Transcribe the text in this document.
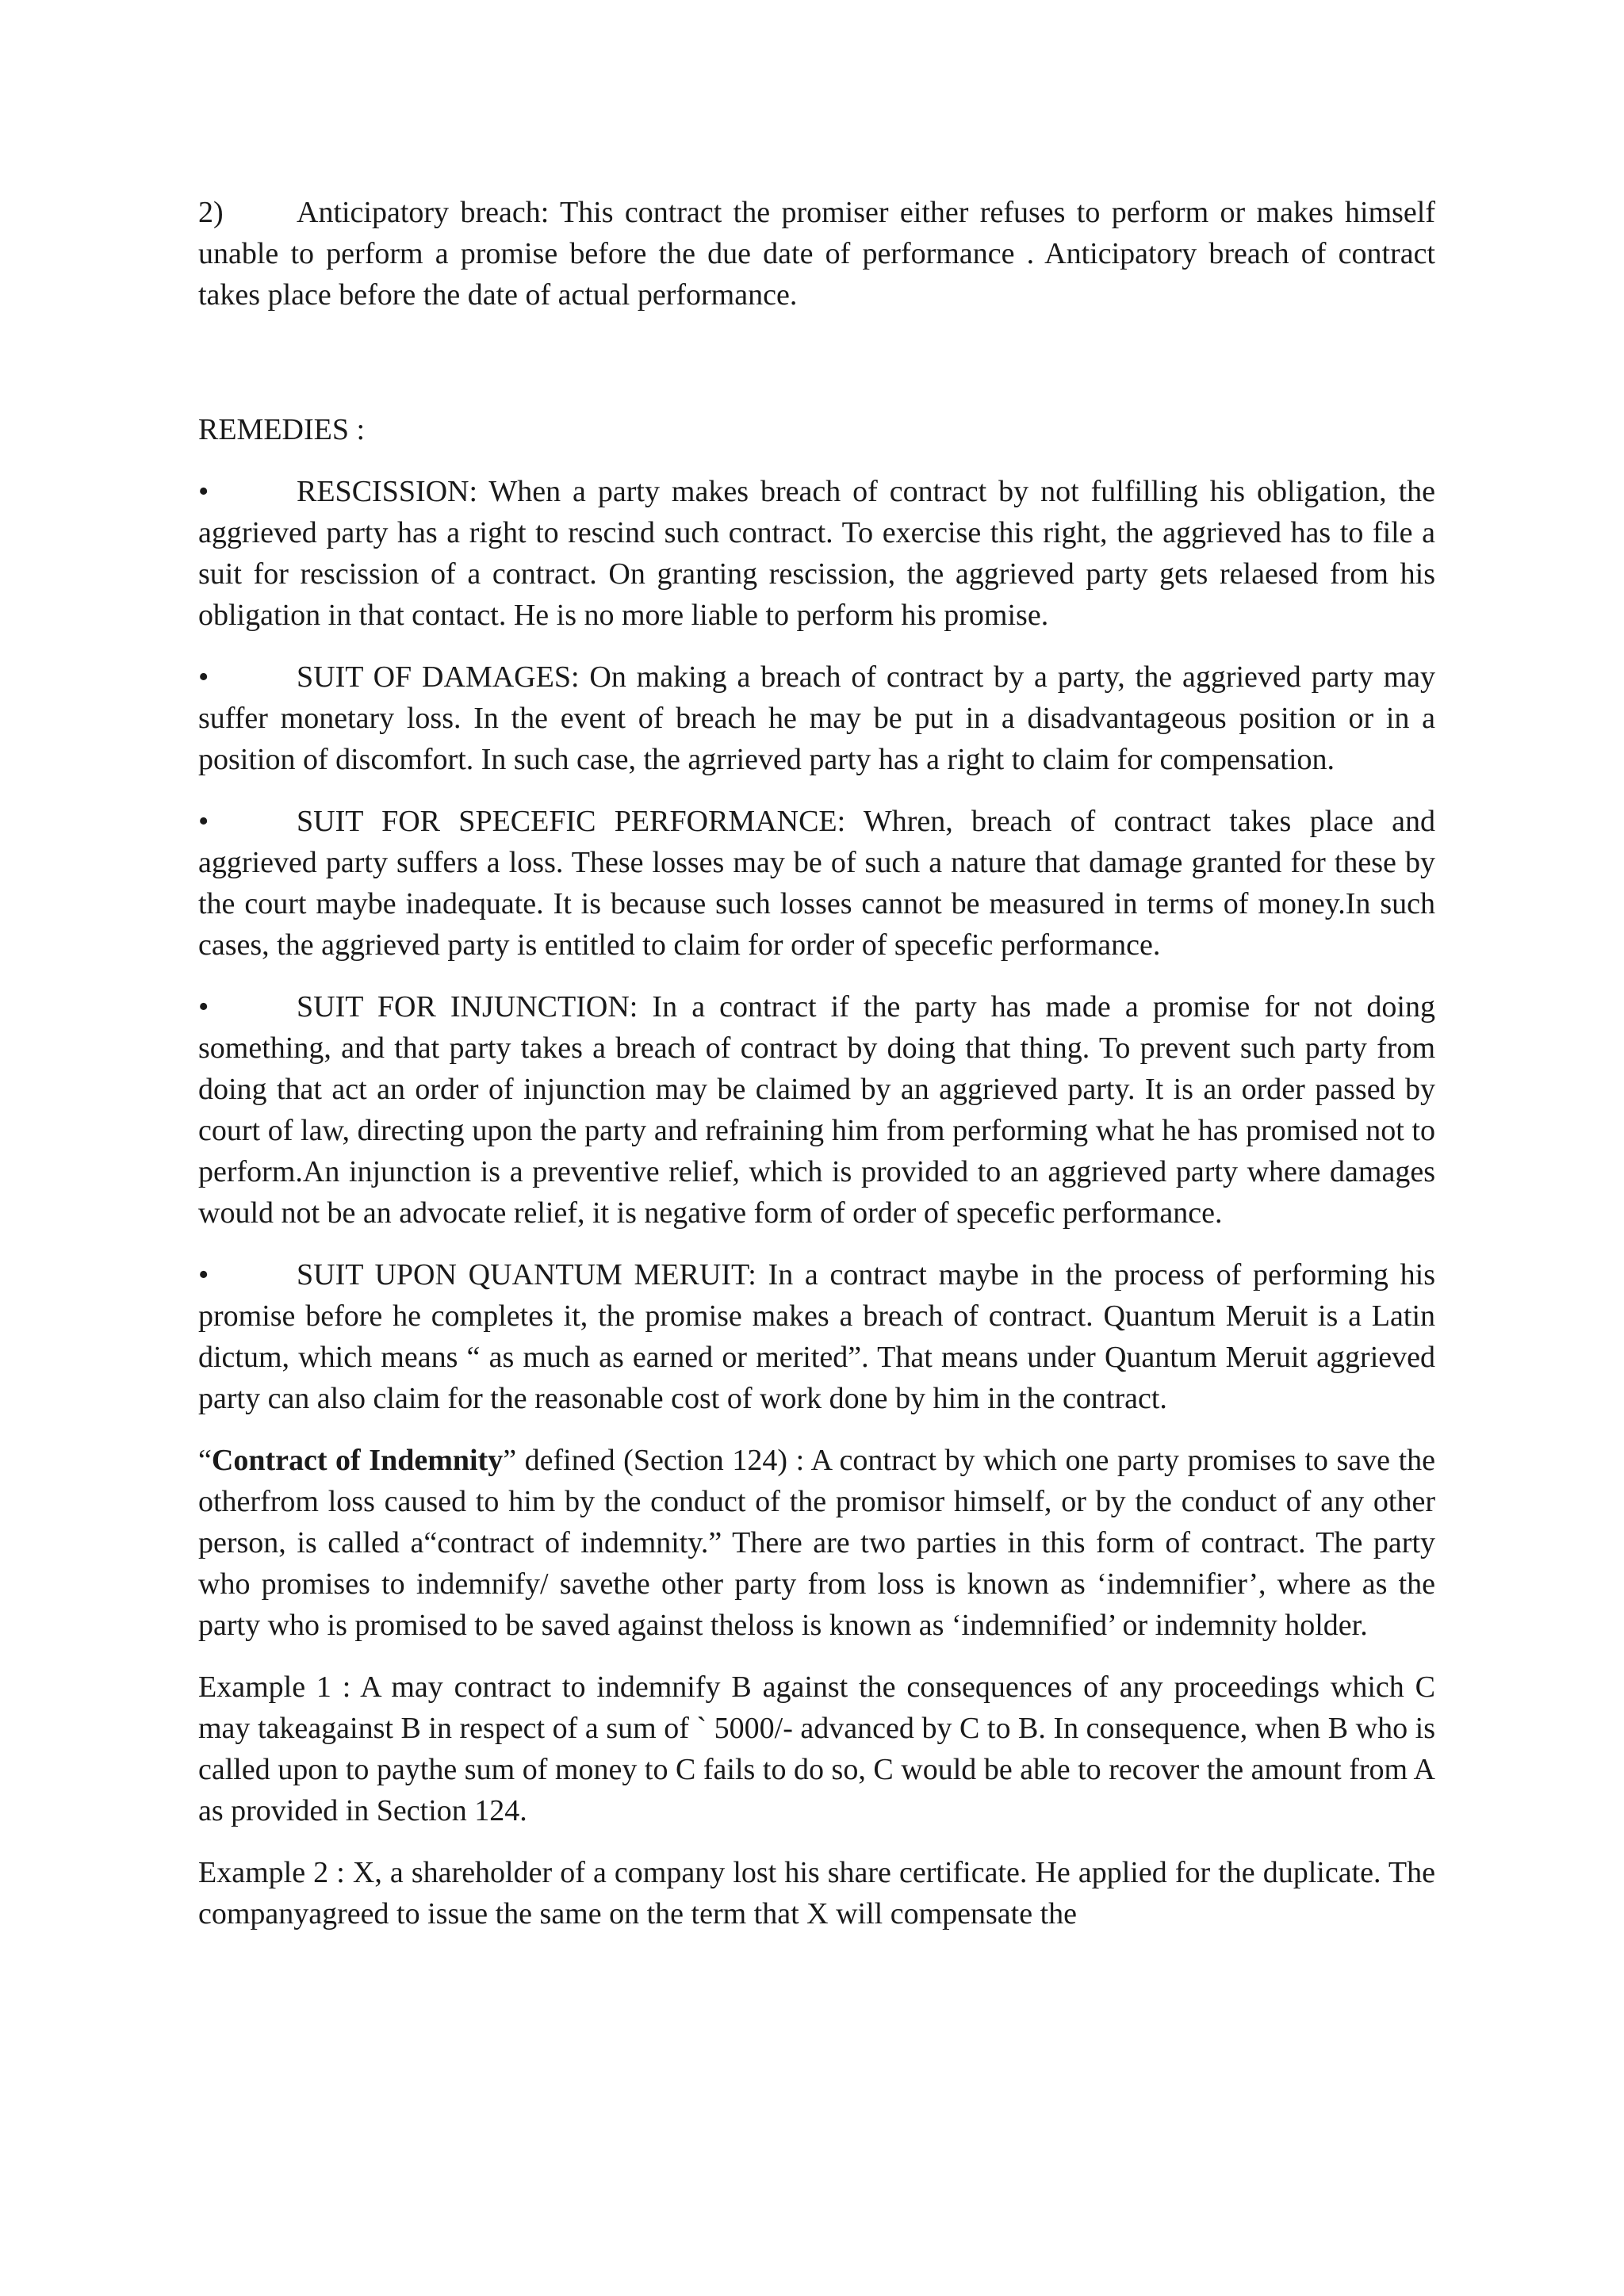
2) Anticipatory breach: This contract the promiser either refuses to perform or makes himself unable to perform a promise before the due date of performance . Anticipatory breach of contract takes place before the date of actual performance.

REMEDIES :

•	RESCISSION: When a party makes breach of contract by not fulfilling his obligation, the aggrieved party has a right to rescind such contract. To exercise this right, the aggrieved has to file a suit for rescission of a contract. On granting rescission, the aggrieved party gets relaesed from his obligation in that contact. He is no more liable to perform his promise.

•	SUIT OF DAMAGES: On making a breach of contract by a party, the aggrieved party may suffer monetary loss. In the event of breach he may be put in a disadvantageous position or in a position of discomfort. In such case, the agrrieved party has a right to claim for compensation.

•	SUIT FOR SPECEFIC PERFORMANCE: Whren, breach of contract takes place and aggrieved party suffers a loss. These losses may be of such a nature that damage granted for these by the court maybe inadequate. It is because such losses cannot be measured in terms of money.In such cases, the aggrieved party is entitled to claim for order of specefic performance.

•	SUIT FOR INJUNCTION: In a contract if the party has made a promise for not doing something, and that party takes a breach of contract by doing that thing. To prevent such party from doing that act an order of injunction may be claimed by an aggrieved party. It is an order passed by court of law, directing upon the party and refraining him from performing what he has promised not to perform.An injunction is a preventive relief, which is provided to an aggrieved party where damages would not be an advocate relief, it is negative form of order of specefic performance.

•	SUIT UPON QUANTUM MERUIT: In a contract maybe in the process of performing his promise before he completes it, the promise makes a breach of contract. Quantum Meruit is a Latin dictum, which means “ as much as earned or merited”. That means under Quantum Meruit aggrieved party can also claim for the reasonable cost of work done by him in the contract.

“Contract of Indemnity” defined (Section 124) : A contract by which one party promises to save the otherfrom loss caused to him by the conduct of the promisor himself, or by the conduct of any other person, is called a“contract of indemnity.” There are two parties in this form of contract. The party who promises to indemnify/ savethe other party from loss is known as ‘indemnifier’, where as the party who is promised to be saved against theloss is known as ‘indemnified’ or indemnity holder.

Example 1 : A may contract to indemnify B against the consequences of any proceedings which C may takeagainst B in respect of a sum of ` 5000/- advanced by C to B. In consequence, when B who is called upon to paythe sum of money to C fails to do so, C would be able to recover the amount from A as provided in Section 124.

Example 2 : X, a shareholder of a company lost his share certificate. He applied for the duplicate. The companyagreed to issue the same on the term that X will compensate the
